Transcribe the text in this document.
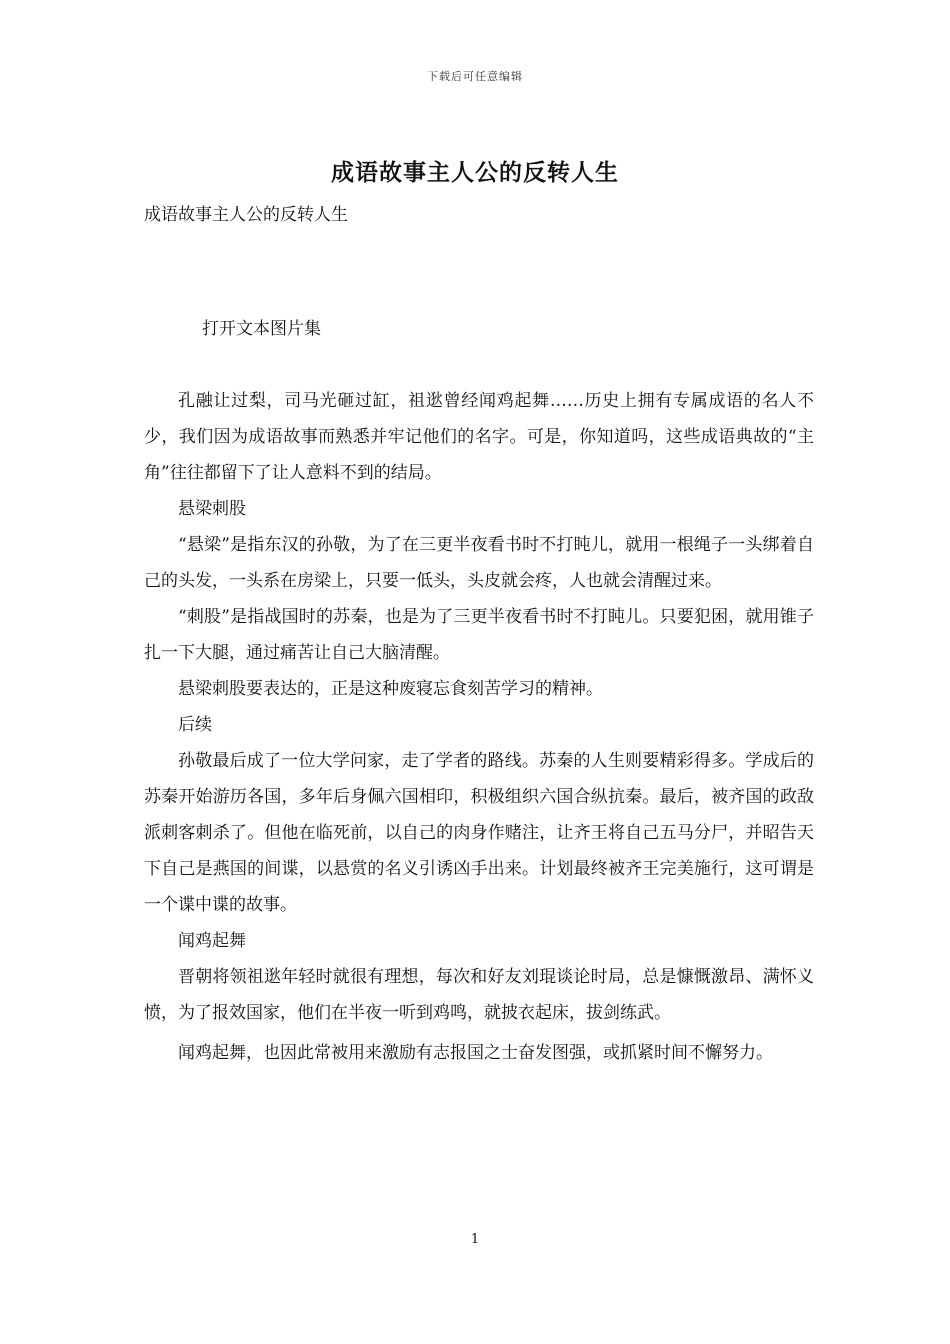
下载后可任意编辑
成语故事主人公的反转人生
成语故事主人公的反转人生
打开文本图片集

孔融让过梨，司马光砸过缸，祖逖曾经闻鸡起舞……历史上拥有专属成语的名人不少，我们因为成语故事而熟悉并牢记他们的名字。可是，你知道吗，这些成语典故的“主角”往往都留下了让人意料不到的结局。

悬梁刺股

“悬梁”是指东汉的孙敬，为了在三更半夜看书时不打盹儿，就用一根绳子一头绑着自己的头发，一头系在房梁上，只要一低头，头皮就会疼，人也就会清醒过来。

“刺股”是指战国时的苏秦，也是为了三更半夜看书时不打盹儿。只要犯困，就用锥子扎一下大腿，通过痛苦让自己大脑清醒。

悬梁刺股要表达的，正是这种废寝忘食刻苦学习的精神。

后续

孙敬最后成了一位大学问家，走了学者的路线。苏秦的人生则要精彩得多。学成后的苏秦开始游历各国，多年后身佩六国相印，积极组织六国合纵抗秦。最后，被齐国的政敌派刺客刺杀了。但他在临死前，以自己的肉身作赌注，让齐王将自己五马分尸，并昭告天下自己是燕国的间谍，以悬赏的名义引诱凶手出来。计划最终被齐王完美施行，这可谓是一个谍中谍的故事。

闻鸡起舞

晋朝将领祖逖年轻时就很有理想，每次和好友刘琨谈论时局，总是慷慨激昂、满怀义愤，为了报效国家，他们在半夜一听到鸡鸣，就披衣起床，拔剑练武。

闻鸡起舞，也因此常被用来激励有志报国之士奋发图强，或抓紧时间不懈努力。

1
